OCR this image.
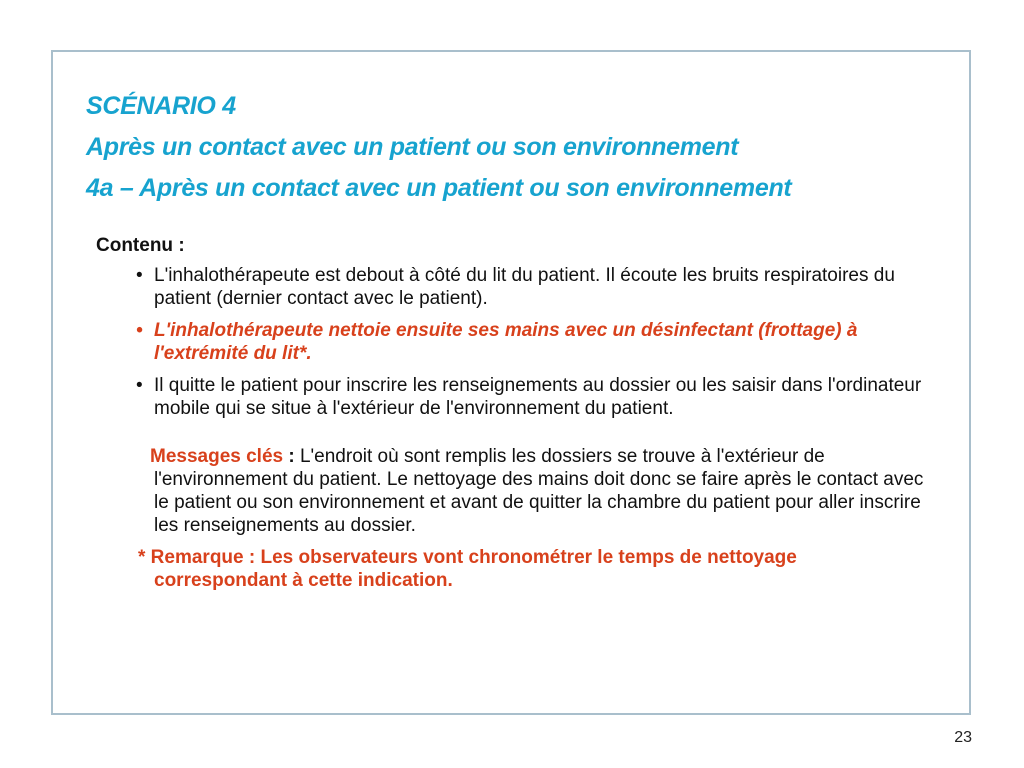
SCÉNARIO 4
Après un contact avec un patient ou son environnement
4a – Après un contact avec un patient ou son environnement
Contenu :
• L'inhalothérapeute est debout à côté du lit du patient. Il écoute les bruits respiratoires du patient (dernier contact avec le patient).
• L'inhalothérapeute nettoie ensuite ses mains avec un désinfectant (frottage) à l'extrémité du lit*.
• Il quitte le patient pour inscrire les renseignements au dossier ou les saisir dans l'ordinateur mobile qui se situe à l'extérieur de l'environnement du patient.
Messages clés : L'endroit où sont remplis les dossiers se trouve à l'extérieur de l'environnement du patient. Le nettoyage des mains doit donc se faire après le contact avec le patient ou son environnement et avant de quitter la chambre du patient pour aller inscrire les renseignements au dossier.
* Remarque : Les observateurs vont chronométrer le temps de nettoyage correspondant à cette indication.
23
